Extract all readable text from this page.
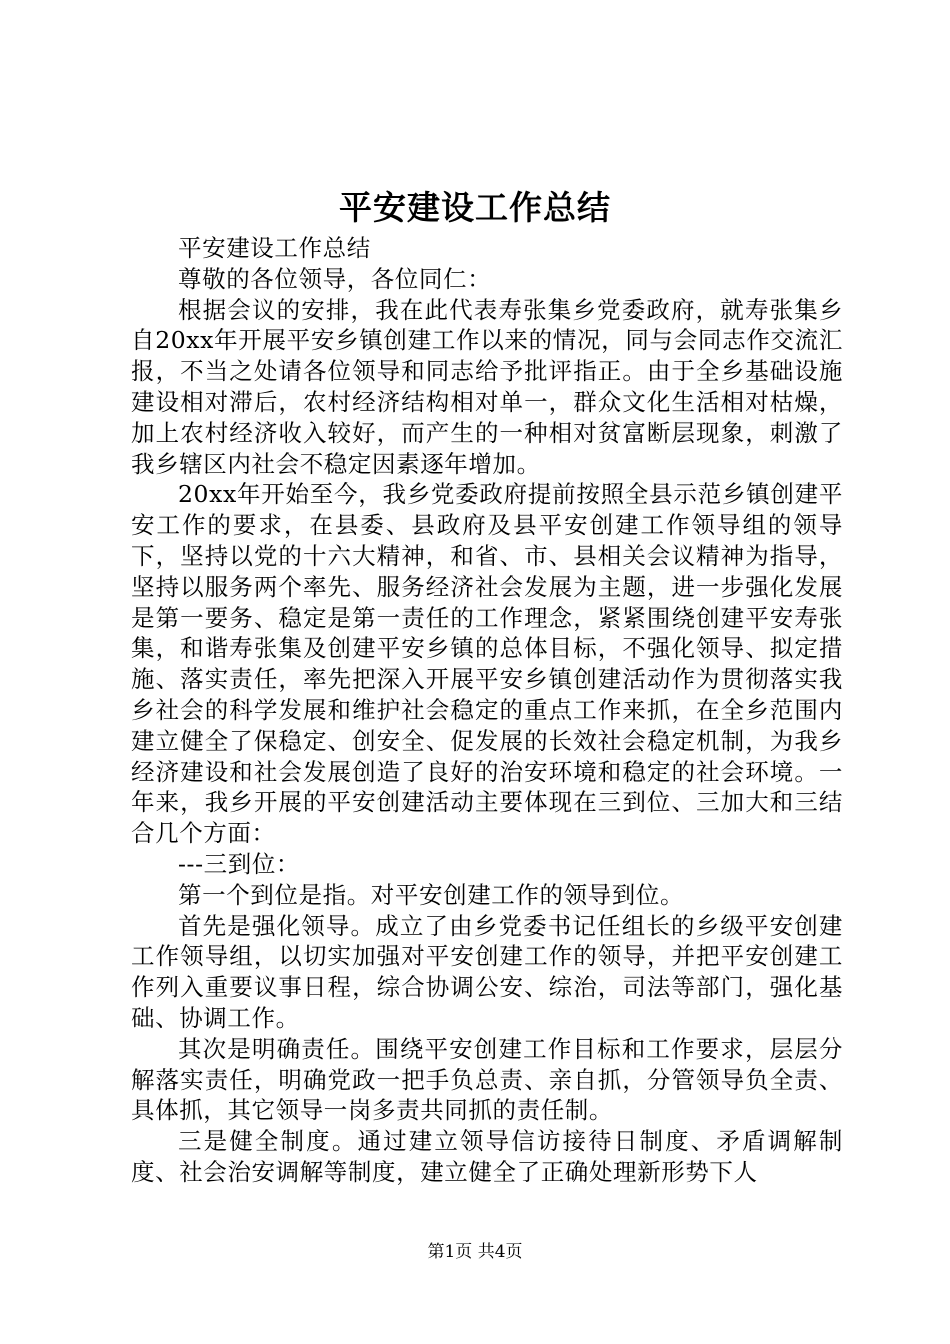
平安建设工作总结

平安建设工作总结

尊敬的各位领导，各位同仁：

根据会议的安排，我在此代表寿张集乡党委政府，就寿张集乡自20xx年开展平安乡镇创建工作以来的情况，同与会同志作交流汇报，不当之处请各位领导和同志给予批评指正。由于全乡基础设施建设相对滞后，农村经济结构相对单一，群众文化生活相对枯燥，加上农村经济收入较好，而产生的一种相对贫富断层现象，刺激了我乡辖区内社会不稳定因素逐年增加。

20xx年开始至今，我乡党委政府提前按照全县示范乡镇创建平安工作的要求，在县委、县政府及县平安创建工作领导组的领导下，坚持以党的十六大精神，和省、市、县相关会议精神为指导，坚持以服务两个率先、服务经济社会发展为主题，进一步强化发展是第一要务、稳定是第一责任的工作理念，紧紧围绕创建平安寿张集，和谐寿张集及创建平安乡镇的总体目标，不强化领导、拟定措施、落实责任，率先把深入开展平安乡镇创建活动作为贯彻落实我乡社会的科学发展和维护社会稳定的重点工作来抓，在全乡范围内建立健全了保稳定、创安全、促发展的长效社会稳定机制，为我乡经济建设和社会发展创造了良好的治安环境和稳定的社会环境。一年来，我乡开展的平安创建活动主要体现在三到位、三加大和三结合几个方面：

---三到位：

第一个到位是指。对平安创建工作的领导到位。

首先是强化领导。成立了由乡党委书记任组长的乡级平安创建工作领导组，以切实加强对平安创建工作的领导，并把平安创建工作列入重要议事日程，综合协调公安、综治，司法等部门，强化基础、协调工作。

其次是明确责任。围绕平安创建工作目标和工作要求，层层分解落实责任，明确党政一把手负总责、亲自抓，分管领导负全责、具体抓，其它领导一岗多责共同抓的责任制。

三是健全制度。通过建立领导信访接待日制度、矛盾调解制度、社会治安调解等制度，建立健全了正确处理新形势下人

第1页 共4页
